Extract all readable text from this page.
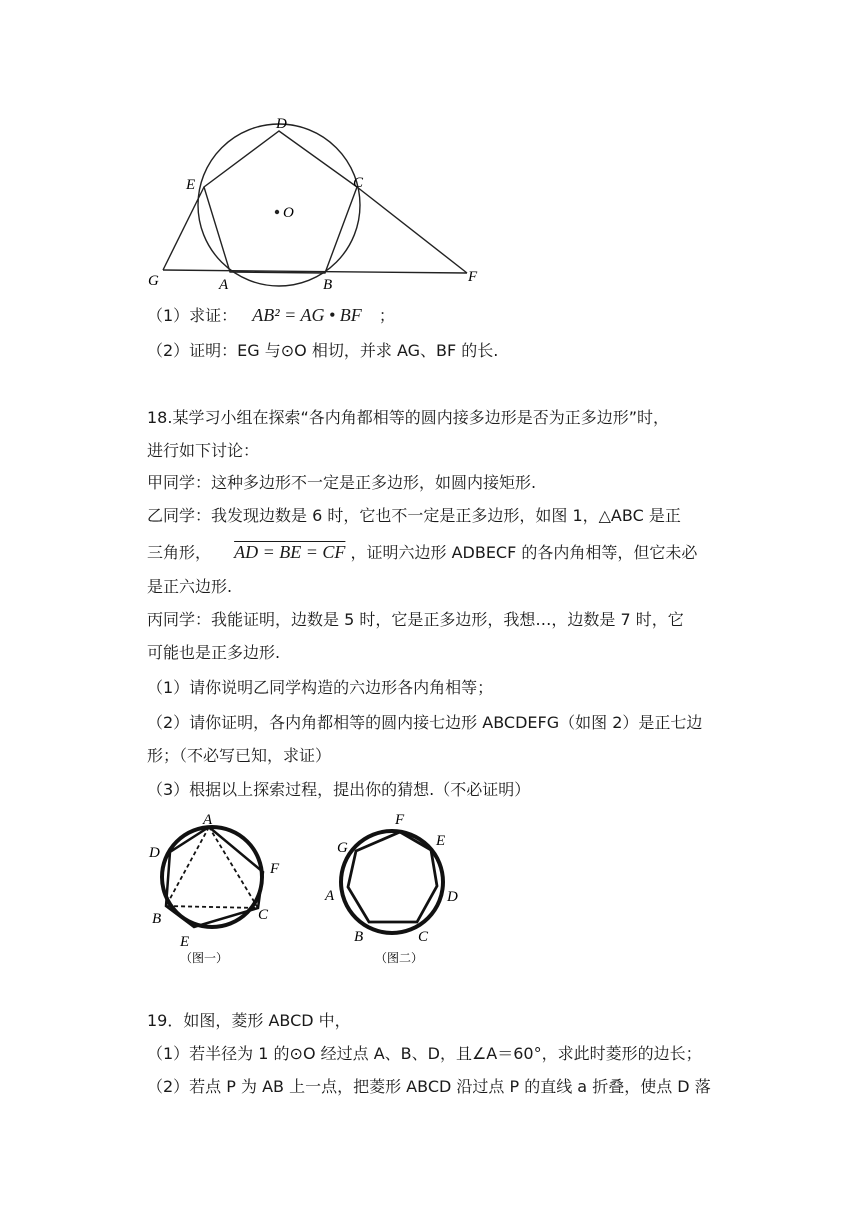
D
E	C
O
G	A	B	F
（1）求证： AB² = AG • BF ；
（2）证明：EG 与⊙O 相切，并求 AG、BF 的长.
18.某学习小组在探索“各内角都相等的圆内接多边形是否为正多边形”时，
进行如下讨论：
甲同学：这种多边形不一定是正多边形，如圆内接矩形.
乙同学：我发现边数是 6 时，它也不一定是正多边形，如图 1，△ABC 是正
三角形， AD = BE = CF ，证明六边形 ADBECF 的各内角相等，但它未必
是正六边形.
丙同学：我能证明，边数是 5 时，它是正多边形，我想…，边数是 7 时，它
可能也是正多边形.
（1）请你说明乙同学构造的六边形各内角相等；
（2）请你证明，各内角都相等的圆内接七边形 ABCDEFG（如图 2）是正七边
形；（不必写已知，求证）
（3）根据以上探索过程，提出你的猜想.（不必证明）
A
D
F
B	C
E
（图一）
F
G	E
A	D
B	C
（图二）
19．如图，菱形 ABCD 中，
（1）若半径为 1 的⊙O 经过点 A、B、D，且∠A＝60°，求此时菱形的边长；
（2）若点 P 为 AB 上一点，把菱形 ABCD 沿过点 P 的直线 a 折叠，使点 D 落
